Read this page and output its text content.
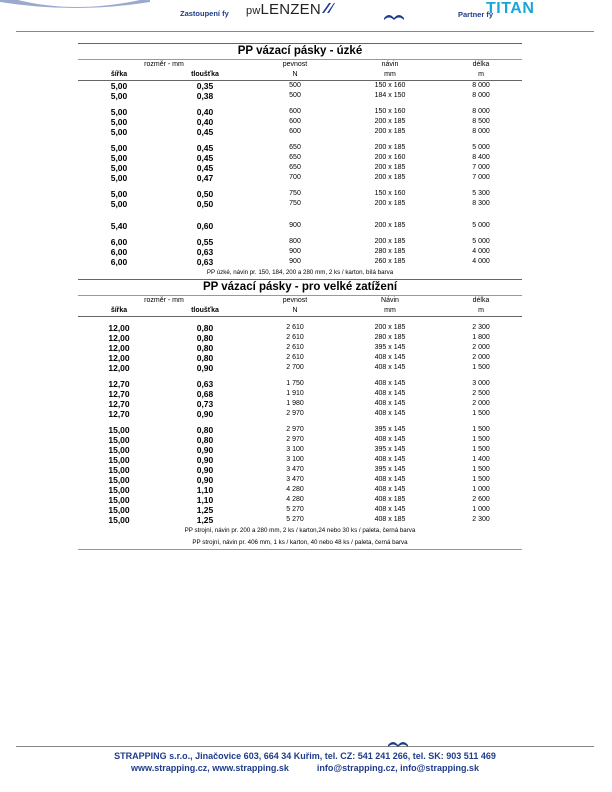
Zastoupení fy pwLENZEN	Partner fy
TITAN
PP vázací pásky - úzké				
rozměr - mm		pevnost	návin	délka
šířka	tloušťka	N	mm	m
5,00	0,35	500	150 x 160	8 000
5,00	0,38	500	184 x 150	8 000

5,00	0,40	600	150 x 160	8 000
5,00	0,40	600	200 x 185	8 500
5,00	0,45	600	200 x 185	8 000

5,00	0,45	650	200 x 185	5 000
5,00	0,45	650	200 x 160	8 400
5,00	0,45	650	200 x 185	7 000
5,00	0,47	700	200 x 185	7 000

5,00	0,50	750	150 x 160	5 300
5,00	0,50	750	200 x 185	8 300

5,40	0,60	900	200 x 185	5 000

6,00	0,55	800	200 x 185	5 000
6,00	0,63	900	280 x 185	4 000
6,00	0,63	900	260 x 185	4 000
PP úzké, návin pr. 150, 184, 200 a 280 mm, 2 ks / karton, bílá barva				
PP vázací pásky - pro velké zatížení				
rozměr - mm		pevnost	Návin	délka
šířka	tloušťka	N	mm	m

12,00	0,80	2 610	200 x 185	2 300
12,00	0,80	2 610	280 x 185	1 800
12,00	0,80	2 610	395 x 145	2 000
12,00	0,80	2 610	408 x 145	2 000
12,00	0,90	2 700	408 x 145	1 500

12,70	0,63	1 750	408 x 145	3 000
12,70	0,68	1 910	408 x 145	2 500
12,70	0,73	1 980	408 x 145	2 000
12,70	0,90	2 970	408 x 145	1 500

15,00	0,80	2 970	395 x 145	1 500
15,00	0,80	2 970	408 x 145	1 500
15,00	0,90	3 100	395 x 145	1 500
15,00	0,90	3 100	408 x 145	1 400
15,00	0,90	3 470	395 x 145	1 500
15,00	0,90	3 470	408 x 145	1 500
15,00	1,10	4 280	408 x 145	1 000
15,00	1,10	4 280	408 x 185	2 600
15,00	1,25	5 270	408 x 145	1 000
15,00	1,25	5 270	408 x 185	2 300
PP strojní, návin pr. 200 a 280 mm, 2 ks / karton,24 nebo 30 ks / paleta, černá barva				
PP strojní, návin pr. 406 mm, 1 ks / karton, 40 nebo 48 ks / paleta, černá barva				
STRAPPING s.r.o., Jinačovice 603, 664 34 Kuřim, tel. CZ: 541 241 266, tel. SK: 903 511 469
www.strapping.cz, www.strapping.sk	info@strapping.cz, info@strapping.sk
